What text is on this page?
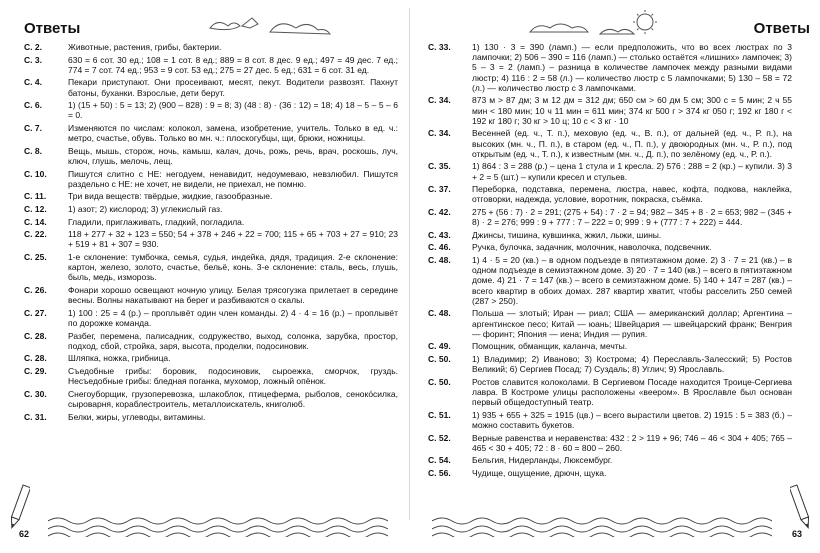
Ответы
С. 2.	Животные, растения, грибы, бактерии.
С. 3.	630 = 6 сот. 30 ед.; 108 = 1 сот. 8 ед.; 889 = 8 сот. 8 дес. 9 ед.; 497 = 49 дес. 7 ед.; 774 = 7 сот. 74 ед.; 953 = 9 сот. 53 ед.; 275 = 27 дес. 5 ед.; 631 = 6 сот. 31 ед.
С. 4.	Пекари приступают. Они просеивают, месят, пекут. Водители развозят. Пахнут батоны, буханки. Взрослые, дети берут.
С. 6.	1) (15 + 50) : 5 = 13; 2) (900 – 828) : 9 = 8; 3) (48 : 8) · (36 : 12) = 18; 4) 18 – 5 – 5 – 6 = 0.
С. 7.	Изменяются по числам: колокол, замена, изобретение, учитель. Только в ед. ч.: метро, счастье, обувь. Только во мн. ч.: плоскогубцы, щи, брюки, ножницы.
С. 8.	Вещь, мышь, сторож, ночь, камыш, калач, дочь, рожь, речь, врач, роскошь, луч, ключ, глушь, мелочь, лещ.
С. 10.	Пишутся слитно с НЕ: негодуем, ненавидит, недоумеваю, невзлюбил. Пишутся раздельно с НЕ: не хочет, не видели, не приехал, не помню.
С. 11.	Три вида веществ: твёрдые, жидкие, газообразные.
С. 12.	1) азот; 2) кислород; 3) углекислый газ.
С. 14.	Гладили, приглаживать, гладкий, погладила.
С. 22.	118 + 277 + 32 + 123 = 550; 54 + 378 + 246 + 22 = 700; 115 + 65 + 703 + 27 = 910; 23 + 519 + 81 + 307 = 930.
С. 25.	1-е склонение: тумбочка, семья, судья, индейка, дядя, традиция. 2-е склонение: картон, железо, золото, счастье, бельё, конь. 3-е склонение: сталь, весь, глушь, быль, медь, изморозь.
С. 26.	Фонари хорошо освещают ночную улицу. Белая трясогузка прилетает в середине весны. Волны накатывают на берег и разбиваются о скалы.
С. 27.	1) 100 : 25 = 4 (р.) – проплывёт один член команды. 2) 4 · 4 = 16 (р.) – проплывёт по дорожке команда.
С. 28.	Разбег, перемена, палисадник, содружество, выход, солонка, зарубка, простор, подход, сбой, стройка, заря, высота, проделки, подосиновик.
С. 28.	Шляпка, ножка, грибница.
С. 29.	Съедобные грибы: боровик, подосиновик, сыроежка, сморчок, груздь. Несъедобные грибы: бледная поганка, мухомор, ложный опёнок.
С. 30.	Снегоуборщик, грузоперевозка, шлакоблок, птицеферма, рыболов, сеноко́силка, сыроварня, кораблестроитель, металлоискатель, книголюб.
С. 31.	Белки, жиры, углеводы, витамины.
62
Ответы
С. 33.	1) 130 · 3 = 390 (ламп.) — если предположить, что во всех люстрах по 3 лампочки; 2) 506 – 390 = 116 (ламп.) — столько остаётся «лишних» лампочек; 3) 5 – 3 = 2 (ламп.) – разница в количестве лампочек между разными видами люстр; 4) 116 : 2 = 58 (л.) — количество люстр с 5 лампочками; 5) 130 – 58 = 72 (л.) — количество люстр с 3 лампочками.
С. 34.	873 м > 87 дм; 3 м 12 дм = 312 дм; 650 см > 60 дм 5 см; 300 с = 5 мин; 2 ч 55 мин < 180 мин; 10 ч 11 мин = 611 мин; 374 кг 500 г > 374 кг 050 г; 192 кг 180 г < 192 кг 180 г; 30 кг > 10 ц; 10 с < 3 кг · 10
С. 34.	Весенней (ед. ч., Т. п.), меховую (ед. ч., В. п.), от дальней (ед. ч., Р. п.), на высоких (мн. ч., П. п.), в старом (ед. ч., П. п.), у двоюродных (мн. ч., Р. п.), под открытым (ед. ч., Т. п.), к известным (мн. ч., Д. п.), по зелёному (ед. ч., Р. п.).
С. 35.	1) 864 : 3 = 288 (р.) – цена 1 стула и 1 кресла. 2) 576 : 288 = 2 (кр.) – купили. 3) 3 + 2 = 5 (шт.) – купили кресел и стульев.
С. 37.	Переборка, подставка, перемена, люстра, навес, кофта, подкова, наклейка, отговорки, надежда, условие, воротник, покраска, съёмка.
С. 42.	275 + (56 : 7) · 2 = 291; (275 + 54) : 7 · 2 = 94; 982 – 345 + 8 · 2 = 653; 982 – (345 + 8) · 2 = 276; 999 : 9 + 777 : 7 – 222 = 0; 999 : 9 + (777 : 7 + 222) = 444.
С. 43.	Джинсы, тишина, кувшинка, жжил, лыжи, шины.
С. 46.	Ручка, булочка, задачник, молочник, наволочка, подсвечник.
С. 48.	1) 4 · 5 = 20 (кв.) – в одном подъезде в пятиэтажном доме. 2) 3 · 7 = 21 (кв.) – в одном подъезде в семиэтажном доме. 3) 20 · 7 = 140 (кв.) – всего в пятиэтажном доме. 4) 21 · 7 = 147 (кв.) – всего в семиэтажном доме. 5) 140 + 147 = 287 (кв.) – всего квартир в обоих домах. 287 квартир хватит, чтобы расселить 250 семей (287 > 250).
С. 48.	Польша — злотый; Иран — риал; США — американский доллар; Аргентина – аргентинское песо; Китай — юань; Швейцария — швейцарский франк; Венгрия — форинт; Япония — иена; Индия — рупия.
С. 49.	Помощник, обманщик, каланча, мечты.
С. 50.	1) Владимир; 2) Иваново; 3) Кострома; 4) Переславль-Залесский; 5) Ростов Великий; 6) Сергиев Посад; 7) Суздаль; 8) Углич; 9) Ярославль.
С. 50.	Ростов славится колоколами. В Сергиевом Посаде находится Троице-Сергиева лавра. В Костроме улицы расположены «веером». В Ярославле был основан первый общедоступный театр.
С. 51.	1) 935 + 655 + 325 = 1915 (цв.) – всего вырастили цветов. 2) 1915 : 5 = 383 (б.) – можно составить букетов.
С. 52.	Верные равенства и неравенства: 432 : 2 > 119 + 96; 746 – 46 < 304 + 405; 765 – 465 < 30 + 405; 72 : 8 · 60 = 800 – 260.
С. 54.	Бельгия, Нидерланды, Люксембург.
С. 56.	Чудище, ощущение, дрючн, щука.
63
